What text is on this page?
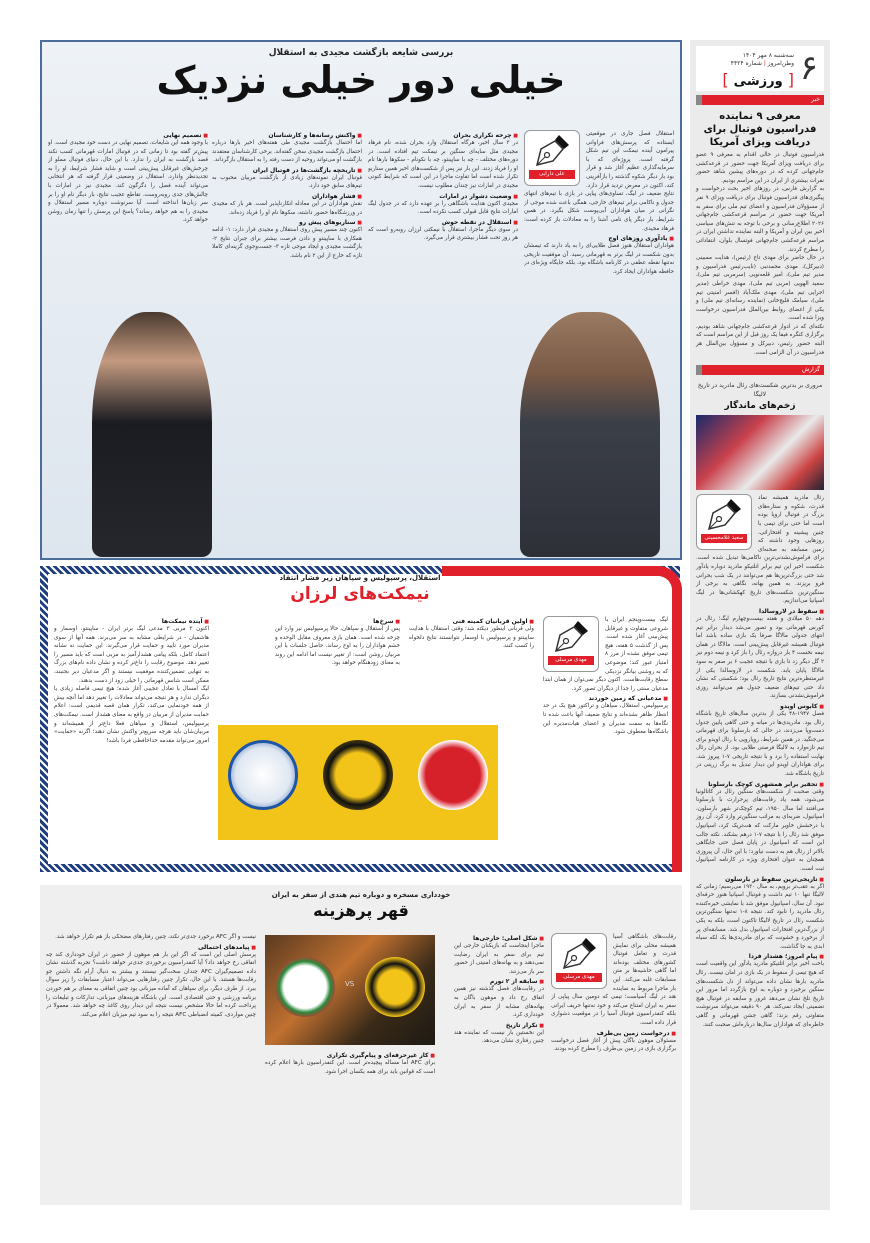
سه‌شنبه ۸ مهر ۱۴۰۴
وطن‌امروز | شماره ۴۴۲۴
[ ورزشی ]	۶
خبر
معرفی ۹ نماینده فدراسیون فوتبال برای دریافت ویزای آمریکا

فدراسیون فوتبال در حالی اقدام به معرفی ۹ عضو برای دریافت ویزای آمریکا جهت حضور در قرعه‌کشی جام‌جهانی کرده که در دوره‌های پیشین شاهد حضور نفرات بیشتری از ایران در این مراسم بودیم.

به گزارش فارس، در روزهای اخیر بحث درخواست و پیگیری‌های فدراسیون فوتبال برای دریافت ویزای ۹ نفر از مسؤولان فدراسیون و اعضای تیم ملی برای سفر به آمریکا جهت حضور در مراسم قرعه‌کشی جام‌جهانی ۲۰۲۶ اطلاع‌رسانی و برخی با توجه به تنش‌های سیاسی اخیر بین ایران و آمریکا و البته نماینده نداشتن ایران در مراسم قرعه‌کشی جام‌جهانی فوتسال بلوان، انتقاداتی را مطرح کردند.

در حال حاضر برای مهدی تاج (رئیس)، هدایت ممبینی (دبیرکل)، مهدی محمدنبی (نایب‌رئیس فدراسیون و مدیر تیم ملی)، امیر قلعه‌نویی (سرمربی تیم ملی)، سعید الهویی (مربی تیم ملی)، مهدی خراطی (مدیر اجرایی تیم ملی)، مهدی ملک‌آباد (افسر امنیتی تیم ملی)، سیامک قلیچ‌خانی (نماینده رسانه‌ای تیم ملی) و یکی از اعضای روابط بین‌الملل فدراسیون درخواست ویزا شده است.

نکته‌ای که در ادوار قرعه‌کشی جام‌جهانی شاهد بودیم، برگزاری کنگره فیفا یک روز قبل از این مراسم است که البته حضور رئیس، دبیرکل و مسؤول بین‌الملل هر فدراسیون در آن الزامی است.

گزارش
مروری بر بدترین شکست‌های رئال مادرید در تاریخ لالیگا
زخم‌های ماندگار
سعید غلامحسینی

رئال مادرید همیشه نماد قدرت، شکوه و ستاره‌های بزرگ در فوتبال اروپا بوده است اما حتی برای تیمی با چنین پیشینه و افتخاراتی، روزهایی وجود داشته که زمین مسابقه به صحنه‌ای برای فراموش‌نشدنی‌ترین ناکامی‌ها تبدیل شده است. شکست اخیر این تیم برابر اتلتیکو مادرید دوباره یادآور شد حتی بزرگ‌ترین‌ها هم می‌توانند در یک شب بحرانی فرو بریزند. به همین بهانه، نگاهی به برخی از سنگین‌ترین شکست‌های تاریخ کهکشانی‌ها در لیگ اسپانیا می‌اندازیم.

■ سقوط در لاروسالدا

دهه ۵۰ میلادی و هفته بیست‌وچهارم لیگ؛ رئال در کورس قهرمانی بود و تصور می‌شد دیدار برابر تیم انتهای جدولی مالاگا صرفا یک بازی ساده باشد اما فوتبال همیشه غیرقابل پیش‌بینی است. مالاگا در همان نیمه نخست ۴ بار دروازه رئال را باز کرد و نیمه دوم نیز ۲ گل دیگر زد تا بازی با نتیجه عجیب ۶ بر صفر به سود مالاگا پایان یابد. شکست در لاروسالدا یکی از غیرمنتظره‌ترین نتایج تاریخ رئال بود؛ شکستی که نشان داد حتی تیم‌های ضعیف جدول هم می‌توانند روزی فراموش‌نشدنی بسازند.

■ کابوس اویدو

فصل ۱۹۴۷-۴۸ یکی از بدترین سال‌های تاریخ باشگاه رئال بود. مادریدی‌ها در میانه و حتی گاهی پایین جدول دست‌وپا می‌زدند، در حالی که بارسلونا برای قهرمانی می‌جنگید. در همین شرایط، رویارویی با رئال اویدو برای تیم تازه‌وارد به لالیگا فرصتی طلایی بود. از بحران رئال نهایت استفاده را برد و با نتیجه تاریخی ۷-۱ پیروز شد. برای هواداران اویدو این دیدار تبدیل به برگ زرینی در تاریخ باشگاه شد.

■ تحقیر برابر همشهری کوچک بارسلونا

وقتی صحبت از شکست‌های سنگین رئال در کاتالونیا می‌شود، همه یاد رقابت‌های پرحرارت با بارسلونا می‌افتند اما سال ۱۹۵۰، تیم کوچک‌تر شهر بارسلون، اسپانیول، ضربه‌ای به مراتب سنگین‌تر وارد کرد. آن روز با درخشش خاویر مارکت که هت‌تریک کرد، اسپانیول موفق شد رئال را با نتیجه ۷-۱ درهم بشکند. نکته جالب این است که اسپانیول در پایان فصل حتی جایگاهی بالاتر از رئال هم به دست نیاورد؛ با این حال، آن پیروزی همچنان به عنوان افتخاری ویژه در کارنامه اسپانیول ثبت است.

■ تاریخی‌ترین سقوط در بارسلون

اگر به عقب‌تر برویم، به سال ۱۹۳۰ می‌رسیم؛ زمانی که لالیگا تنها ۱۰ تیم داشت و فوتبال اسپانیا هنوز حرفه‌ای نبود. آن سال، اسپانیول موفق شد با نمایشی خیره‌کننده رئال مادرید را تابود کند. نتیجه ۸-۱ نه‌تنها سنگین‌ترین شکست رئال در تاریخ لالیگا تاکنون است، بلکه به یکی از بزرگ‌ترین افتخارات اسپانیول بدل شد. مسابقه‌ای پر از برخورد و خشونت که برای مادریدی‌ها یک لکه سیاه ابدی به جا گذاشت.

■ پیام امروز؛ هشدار فردا

باخت اخیر برابر اتلتیکو مادرید یادآور این واقعیت است که هیچ تیمی از سقوط در یک بازی در امان نیست. رئال مادرید بارها نشان داده می‌تواند از دل شکست‌های سنگین برخیزد و دوباره به اوج بازگردد اما مرور این تاریخ تلخ نشان می‌دهد غرور و سابقه در فوتبال هیچ تضمینی ایجاد نمی‌کند. هر ۹۰ دقیقه می‌تواند سرنوشت متفاوتی رقم بزند؛ گاهی جشن قهرمانی و گاهی خاطره‌ای که هواداران سال‌ها درباره‌اش صحبت کنند.

بررسی شایعه بازگشت مجیدی به استقلال
خیلی دور خیلی نزدیک
علی دارابی

استقلال فصل جاری در موقعیتی ایستاده که پرسش‌های فراوانی پیرامون آینده نیمکت این تیم شکل گرفته است. پروژه‌ای که با سرمایه‌گذاری عظیم آغاز شد و قرار بود بار دیگر شکوه گذشته را بازآفرینی کند، اکنون در معرض تردید قرار دارد. نتایج ضعیف در لیگ، تساوی‌های پیاپی در بازی با تیم‌های انتهای جدول و ناکامی برابر تیم‌های خارجی، همگی باعث شده موجی از نگرانی در میان هواداران آبی‌پوست شکل بگیرد. در همین شرایط، بار دیگر پای نامی آشنا را به معادلات باز کرده است: فرهاد مجیدی.

■ یادآوری روزهای اوج

هواداران استقلال هنوز فصل طلایی‌ای را به یاد دارند که تیمشان بدون شکست در لیگ برتر به قهرمانی رسید. آن موفقیت تاریخی نه‌تنها نقطه عطفی در کارنامه باشگاه بود، بلکه جایگاه ویژه‌ای در حافظه هواداران ایجاد کرد.

■ چرخه تکراری بحران

در ۳ سال اخیر، هرگاه استقلال وارد بحران شده، نام فرهاد مجیدی مثل سایه‌ای سنگین بر نیمکت تیم افتاده است. در دوره‌های مختلف - چه با ساپینتو، چه با نکونام - سکوها بارها نام او را فریاد زدند. این بار نیز پس از شکست‌های اخیر همین سناریو تکرار شده است اما تفاوت ماجرا در این است که شرایط کنونی مجیدی در امارات نیز چندان مطلوب نیست.

■ وضعیت دشوار در امارات

مجیدی اکنون هدایت باشگاهی را بر عهده دارد که در جدول لیگ امارات نتایج قابل قبولی کسب نکرده است.

■ استقلال در نقطه حوش

در سوی دیگر ماجرا، استقلال با نیمکتی لرزان روبه‌رو است که هر روز تحت فشار بیشتری قرار می‌گیرد.

■ واکنش رسانه‌ها و کارشناسان

اما احتمال بازگشت مجیدی طی هفته‌های اخیر بارها درباره احتمال بازگشت مجیدی سخن گفته‌اند. برخی کارشناسان معتقدند بازگشت او می‌تواند روحیه از دست رفته را به استقلال بازگرداند.

■ تاریخچه بازگشت‌ها در فوتبال ایران

فوتبال ایران نمونه‌های زیادی از بازگشت مربیان محبوب به تیم‌های سابق خود دارد.

■ فشار هواداران

نقش هواداران در این معادله انکارناپذیر است. هر بار که مجیدی در ورزشگاه‌ها حضور داشته، سکوها نام او را فریاد زده‌اند.

■ سناریوهای پیش رو

اکنون چند مسیر پیش روی استقلال و مجیدی قرار دارد: ۱- ادامه همکاری با ساپینتو و دادن فرصت بیشتر برای جبران نتایج ۲- بازگشت مجیدی و ایجاد موجی تازه ۳- جست‌وجوی گزینه‌ای کاملا تازه که خارج از این ۲ نام باشد.

■ تصمیم نهایی

با وجود همه این شایعات، تصمیم نهایی در دست خود مجیدی است. او پیش‌تر گفته بود تا زمانی که در فوتبال امارات قهرمانی کسب نکند قصد بازگشت به ایران را ندارد. با این حال، دنیای فوتبال مملو از چرخش‌های غیرقابل پیش‌بینی است و شاید فشار شرایط، او را به تجدیدنظر وادارد. استقلال در وضعیتی قرار گرفته که هر انتخابی می‌تواند آینده فصل را دگرگون کند. مجیدی نیز در امارات با چالش‌های جدی روبه‌روست. تقاطع عجیب نتایج، بار دیگر نام او را بر سر زبان‌ها انداخته است. آیا سرنوشت دوباره مسیر استقلال و مجیدی را به هم خواهد رساند؟ پاسخ این پرسش را تنها زمان روشن خواهد کرد.

استقلال، پرسپولیس و سپاهان زیر فشار انتقاد
نیمکت‌های لرزان
مهدی مرسلی

لیگ بیست‌وپنجم ایران با شروعی متفاوت و غیرقابل پیش‌بینی آغاز شده است. پس از گذشت ۵ هفته، هیچ تیمی موفق نشده از مرز ۸ امتیاز عبور کند؛ موضوعی که به روشنی بیانگر نزدیکی سطح رقابت‌هاست. اکنون دیگر نمی‌توان از همان ابتدا مدعیان سنتی را جدا از دیگران تصور کرد.

■ مدعیانی که زمین خوردند

پرسپولیس، استقلال، سپاهان و تراکتور هیچ یک در حد انتظار ظاهر نشده‌اند و نتایج ضعیف آنها باعث شده تا نگاه‌ها به سمت مدیران و اعضای هیات‌مدیره این باشگاه‌ها معطوف شود.

■ اولین قربانیان کمیته فنی

ولی قربانی اینطور دیکته شد؛ وقتی استقلال با هدایت ساپینتو و پرسپولیس با اوسمار نتوانستند نتایج دلخواه را کسب کنند.

■ سرخ‌ها

پس از استقلال و سپاهان، حالا پرسپولیس نیز وارد این چرخه شده است. همان بازی معروف مقابل الوحده و خشم هواداران را به اوج رساند. حاصل جلسات با این مربیان روشن است: از تغییر نیست اما ادامه این روند به معنای زودهنگام خواهد بود.

■ آینده نیمکت‌ها

اکنون ۳ مربی ۳ مدعی لیگ برتر ایران - ساپینتو، اوسمار و هاشمیان - در شرایطی مشابه به سر می‌برند. همه آنها از سوی مدیران مورد تایید و حمایت قرار می‌گیرند. این حمایت نه نشانه اعتماد کامل، بلکه پیامی هشدارآمیز به مربی است که باید مسیر را تغییر دهد. موضوع رقابت را داغ‌تر کرده و نشان داده نام‌های بزرگ به تنهایی تضمین‌کننده موفقیت نیستند و اگر مدعیان دیر بجنبند، ممکن است شانس قهرمانی را خیلی زود از دست بدهند.

لیگ امسال با تعادل عجیبی آغاز شده؛ هیچ تیمی فاصله زیادی با دیگران ندارد و هر نتیجه می‌تواند معادلات را تغییر دهد اما آنچه بیش از همه خودنمایی می‌کند، تکرار همان قصه قدیمی است: اعلام حمایت مدیران از مربیان در واقع به معنای هشدار است. نیمکت‌های پرسپولیس، استقلال و سپاهان فعلا داغ‌تر از همیشه‌اند و مربیان‌شان باید هرچه سریع‌تر واکنش نشان دهند؛ اگرنه «حمایت» امروز می‌تواند مقدمه خداحافظی فردا باشد!

خودداری مسخره و دوباره تیم هندی از سفر به ایران
قهر پرهزینه
مهدی مرسلی

رقابت‌های باشگاهی آسیا همیشه محلی برای نمایش قدرت و تعامل فوتبال کشورهای مختلف بوده‌اند اما گاهی حاشیه‌ها بر متن مسابقات غلبه می‌کند. این بار ماجرا مربوط به نماینده هند در لیگ آسیاست؛ تیمی که دومین سال پیاپی از سفر به ایران امتناع می‌کند و خود نه‌تنها حریف ایرانی بلکه کنفدراسیون فوتبال آسیا را در موقعیت دشواری قرار داده است.

■ درخواست زمین بی‌طرف

مسئولان موهون باگان پیش از آغاز فصل درخواست برگزاری بازی در زمین بی‌طرف را مطرح کرده بودند.

■ شکل اصلی: خارجی‌ها

ماجرا اینجاست که بازیکنان خارجی این تیم برای سفر به ایران رضایت نمی‌دهند و به بهانه‌های امنیتی از حضور سر باز می‌زنند.

■ سابقه از ۲ تورم

در رقابت‌های فصل گذشته نیز همین اتفاق رخ داد و موهون باگان به بهانه‌های مشابه از سفر به ایران خودداری کرد.

■ تکرار تاریخ

این نخستین بار نیست که نماینده هند چنین رفتاری نشان می‌دهد.

VS
■ کار غیرحرفه‌ای و پیام‌گیری تکراری

برای AFC اما مساله پیچیده‌تر است. این کنفدراسیون بارها اعلام کرده است که قوانین باید برای همه یکسان اجرا شود.

نیست و اگر AFC برخورد جدی‌تر نکند، چنین رفتارهای مضحکی باز هم تکرار خواهد شد.

■ پیامدهای احتمالی

پرسش اصلی این است که اگر این بار هم موهون از حضور در ایران خودداری کند چه اتفاقی رخ خواهد داد؟ آیا کنفدراسیون برخوردی جدی‌تر خواهد داشت؟ تجربه گذشته نشان داده تصمیم‌گیران AFC چندان سخت‌گیر نیستند و بیشتر به دنبال آرام نگه داشتن جو رقابت‌ها هستند. با این حال، تکرار چنین رفتارهایی می‌تواند اعتبار مسابقات را زیر سوال ببرد. از طرف دیگر، برای سپاهان که آماده میزبانی بود چنین اتفاقی به معنای بر هم خوردن برنامه ورزشی و حتی اقتصادی است. این باشگاه هزینه‌های میزبانی، تدارکات و تبلیغات را پرداخت کرده اما حالا مشخص نیست نتیجه این دیدار روی کاغذ چه خواهد شد. معمولا در چنین مواردی، کمیته انضباطی AFC نتیجه را به سود تیم میزبان اعلام می‌کند.
